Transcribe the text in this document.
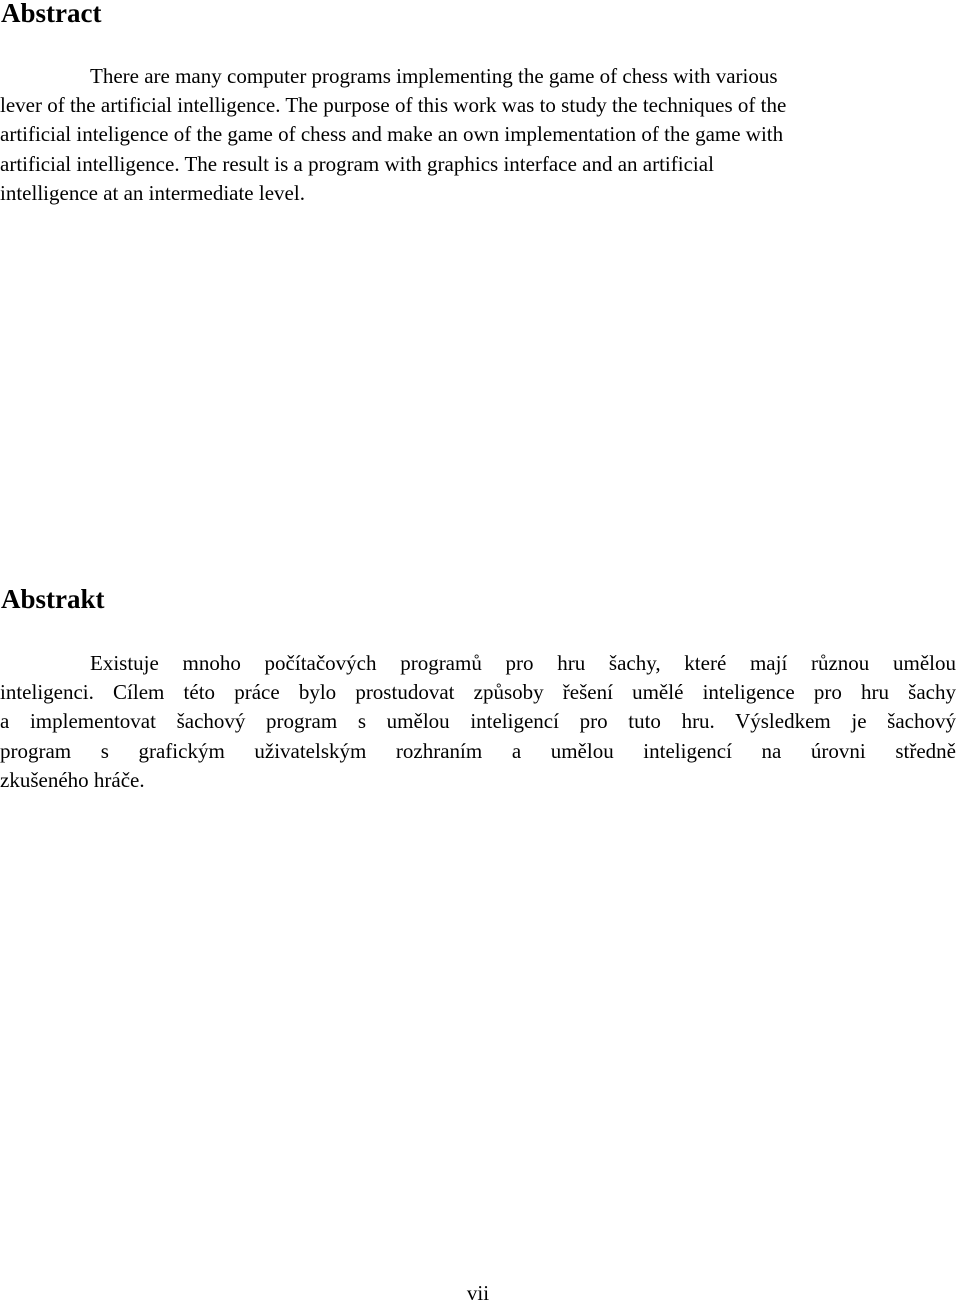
Abstract
There are many computer programs implementing the game of chess with various
lever of the artificial intelligence. The purpose of this work was to study the techniques of the
artificial inteligence of the game of chess and make an own implementation of the game with
artificial intelligence. The result is a program with graphics interface and an artificial
intelligence at an intermediate level.
Abstrakt
Existuje mnoho počítačových programů pro hru šachy, které mají různou umělou
inteligenci. Cílem této práce bylo prostudovat způsoby řešení umělé inteligence pro hru šachy
a implementovat šachový program s umělou inteligencí pro tuto hru. Výsledkem je šachový
program s grafickým uživatelským rozhraním a umělou inteligencí na úrovni středně
zkušeného hráče.
vii
